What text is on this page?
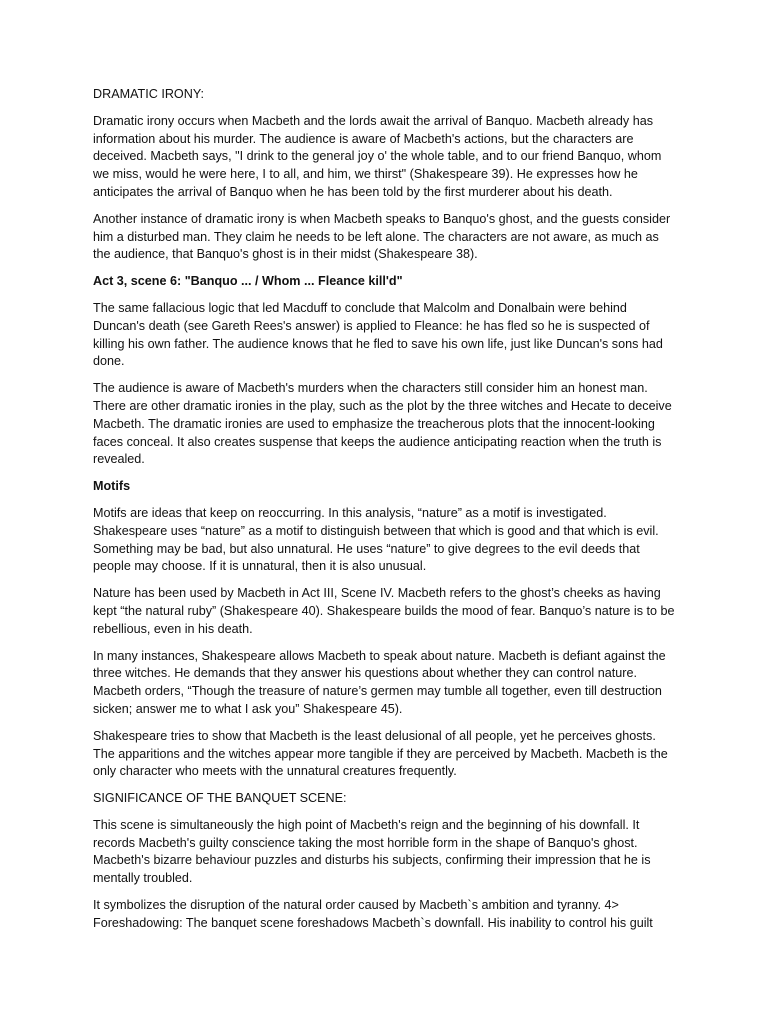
DRAMATIC IRONY:

Dramatic irony occurs when Macbeth and the lords await the arrival of Banquo. Macbeth already has information about his murder. The audience is aware of Macbeth's actions, but the characters are deceived. Macbeth says, "I drink to the general joy o' the whole table, and to our friend Banquo, whom we miss, would he were here, I to all, and him, we thirst" (Shakespeare 39). He expresses how he anticipates the arrival of Banquo when he has been told by the first murderer about his death.

Another instance of dramatic irony is when Macbeth speaks to Banquo's ghost, and the guests consider him a disturbed man. They claim he needs to be left alone. The characters are not aware, as much as the audience, that Banquo's ghost is in their midst (Shakespeare 38).

Act 3, scene 6: "Banquo ... / Whom ... Fleance kill'd"

The same fallacious logic that led Macduff to conclude that Malcolm and Donalbain were behind Duncan's death (see Gareth Rees's answer) is applied to Fleance: he has fled so he is suspected of killing his own father. The audience knows that he fled to save his own life, just like Duncan's sons had done.

The audience is aware of Macbeth's murders when the characters still consider him an honest man. There are other dramatic ironies in the play, such as the plot by the three witches and Hecate to deceive Macbeth. The dramatic ironies are used to emphasize the treacherous plots that the innocent-looking faces conceal. It also creates suspense that keeps the audience anticipating reaction when the truth is revealed.

Motifs

Motifs are ideas that keep on reoccurring. In this analysis, “nature” as a motif is investigated. Shakespeare uses “nature” as a motif to distinguish between that which is good and that which is evil. Something may be bad, but also unnatural. He uses “nature” to give degrees to the evil deeds that people may choose. If it is unnatural, then it is also unusual.

Nature has been used by Macbeth in Act III, Scene IV. Macbeth refers to the ghost’s cheeks as having kept “the natural ruby” (Shakespeare 40). Shakespeare builds the mood of fear. Banquo’s nature is to be rebellious, even in his death.

In many instances, Shakespeare allows Macbeth to speak about nature. Macbeth is defiant against the three witches. He demands that they answer his questions about whether they can control nature. Macbeth orders, “Though the treasure of nature’s germen may tumble all together, even till destruction sicken; answer me to what I ask you” Shakespeare 45).

Shakespeare tries to show that Macbeth is the least delusional of all people, yet he perceives ghosts. The apparitions and the witches appear more tangible if they are perceived by Macbeth. Macbeth is the only character who meets with the unnatural creatures frequently.

SIGNIFICANCE OF THE BANQUET SCENE:

This scene is simultaneously the high point of Macbeth's reign and the beginning of his downfall. It records Macbeth's guilty conscience taking the most horrible form in the shape of Banquo's ghost. Macbeth's bizarre behaviour puzzles and disturbs his subjects, confirming their impression that he is mentally troubled.

It symbolizes the disruption of the natural order caused by Macbeth`s ambition and tyranny. 4> Foreshadowing: The banquet scene foreshadows Macbeth`s downfall. His inability to control his guilt
